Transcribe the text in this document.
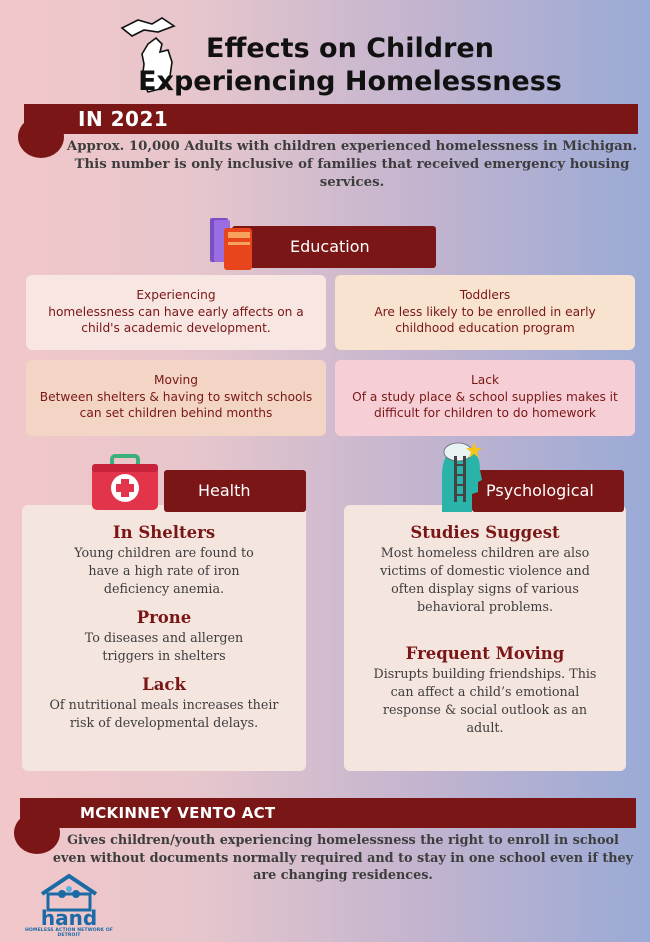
Effects on Children
Experiencing Homelessness
IN 2021
Approx. 10,000 Adults with children experienced homelessness in Michigan. This number is only inclusive of families that received emergency housing services.
Education
Experiencing
homelessness can have early affects on a child's academic development.
Toddlers
Are less likely to be enrolled in early childhood education program
Moving
Between shelters & having to switch schools can set children behind months
Lack
Of a study place & school supplies makes it difficult for children to do homework
In Shelters
Young children are found to have a high rate of iron deficiency anemia.
Prone
To diseases and allergen triggers in shelters
Lack
Of nutritional meals increases their risk of developmental delays.
Health
Studies Suggest
Most homeless children are also victims of domestic violence and often display signs of various behavioral problems.
Frequent Moving
Disrupts building friendships. This can affect a child’s emotional response & social outlook as an adult.
Psychological
MCKINNEY VENTO ACT
Gives children/youth experiencing homelessness the right to enroll in school even without documents normally required and to stay in one school even if they are changing residences.
hand
HOMELESS ACTION NETWORK OF DETROIT
